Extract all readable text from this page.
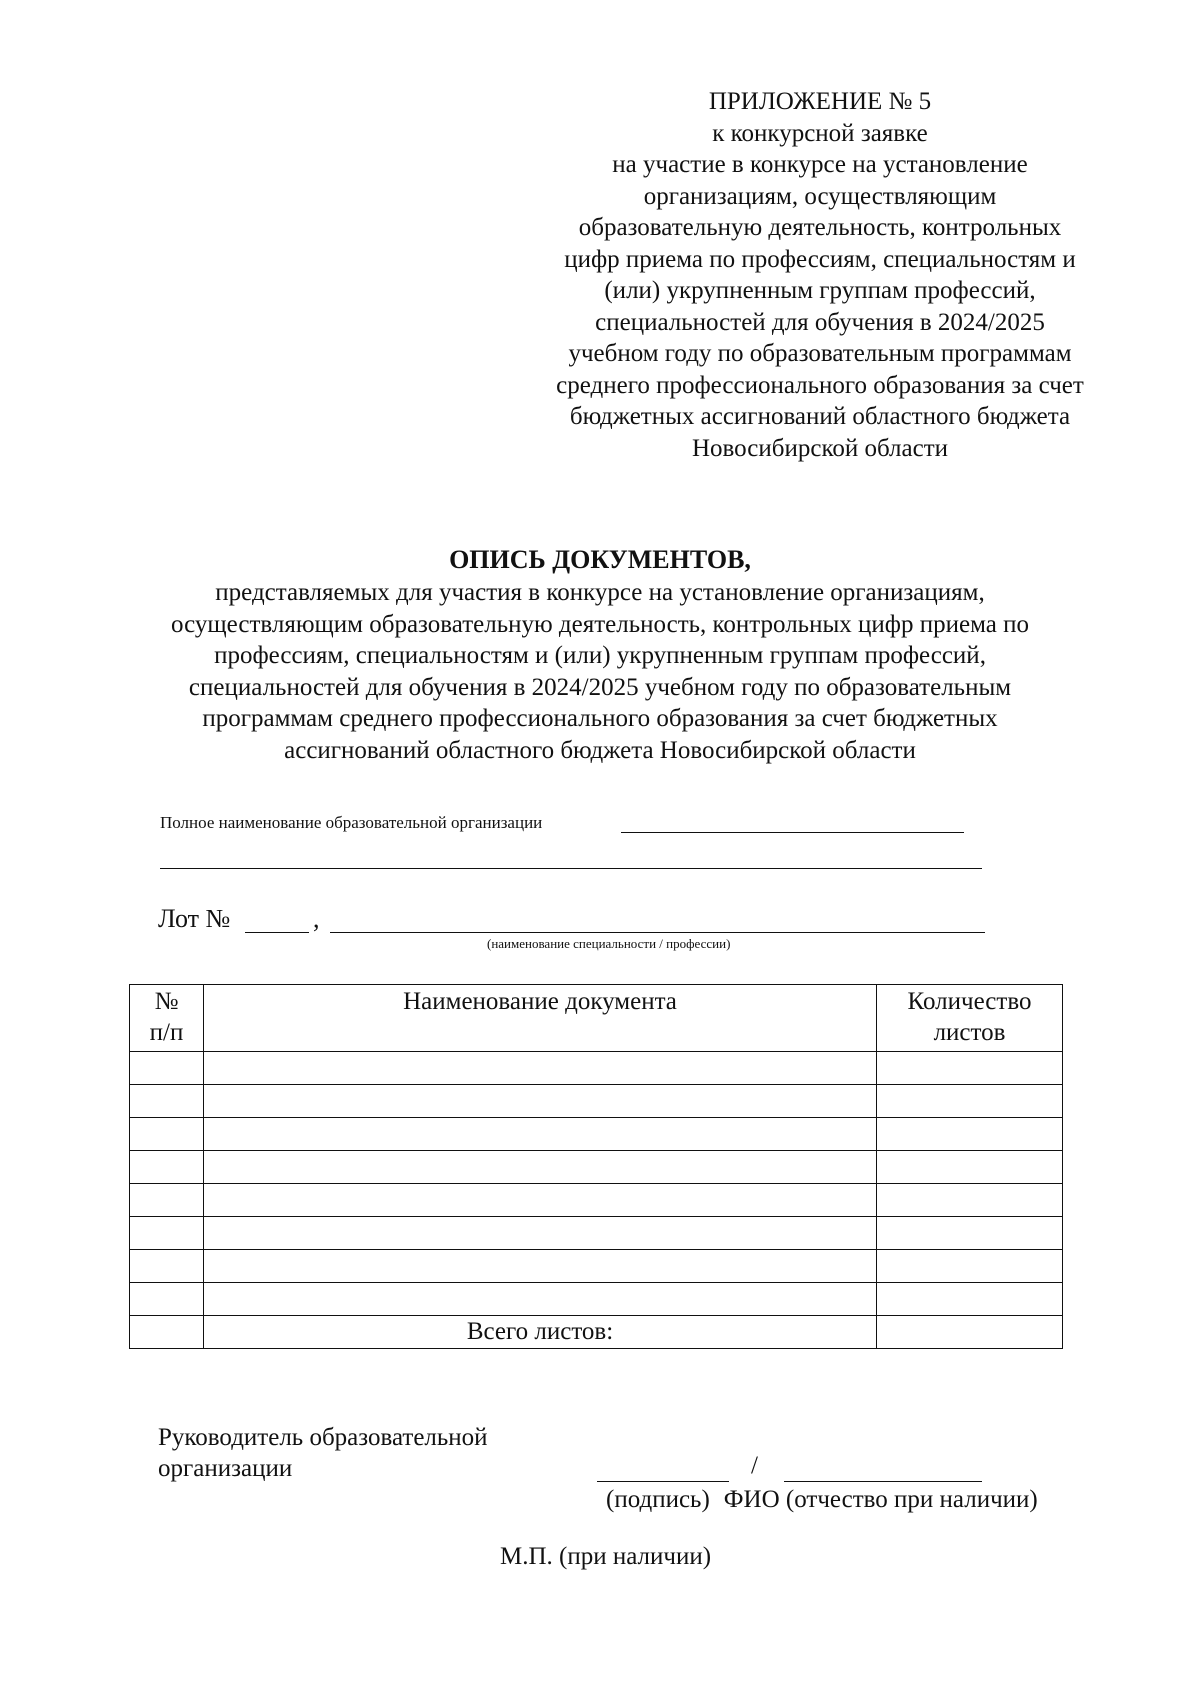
ПРИЛОЖЕНИЕ № 5
к конкурсной заявке
на участие в конкурсе на установление
организациям, осуществляющим
образовательную деятельность, контрольных
цифр приема по профессиям, специальностям и
(или) укрупненным группам профессий,
специальностей для обучения в 2024/2025
учебном году по образовательным программам
среднего профессионального образования за счет
бюджетных ассигнований областного бюджета
Новосибирской области
ОПИСЬ ДОКУМЕНТОВ,
представляемых для участия в конкурсе на установление организациям,
осуществляющим образовательную деятельность, контрольных цифр приема по
профессиям, специальностям и (или) укрупненным группам профессий,
специальностей для обучения в 2024/2025 учебном году по образовательным
программам среднего профессионального образования за счет бюджетных
ассигнований областного бюджета Новосибирской области
Полное наименование образовательной организации
Лот №	,
(наименование специальности / профессии)
№
п/п	Наименование документа	Количество
листов

	Всего листов:	
Руководитель образовательной
организации	/
(подпись) ФИО (отчество при наличии)
М.П. (при наличии)
